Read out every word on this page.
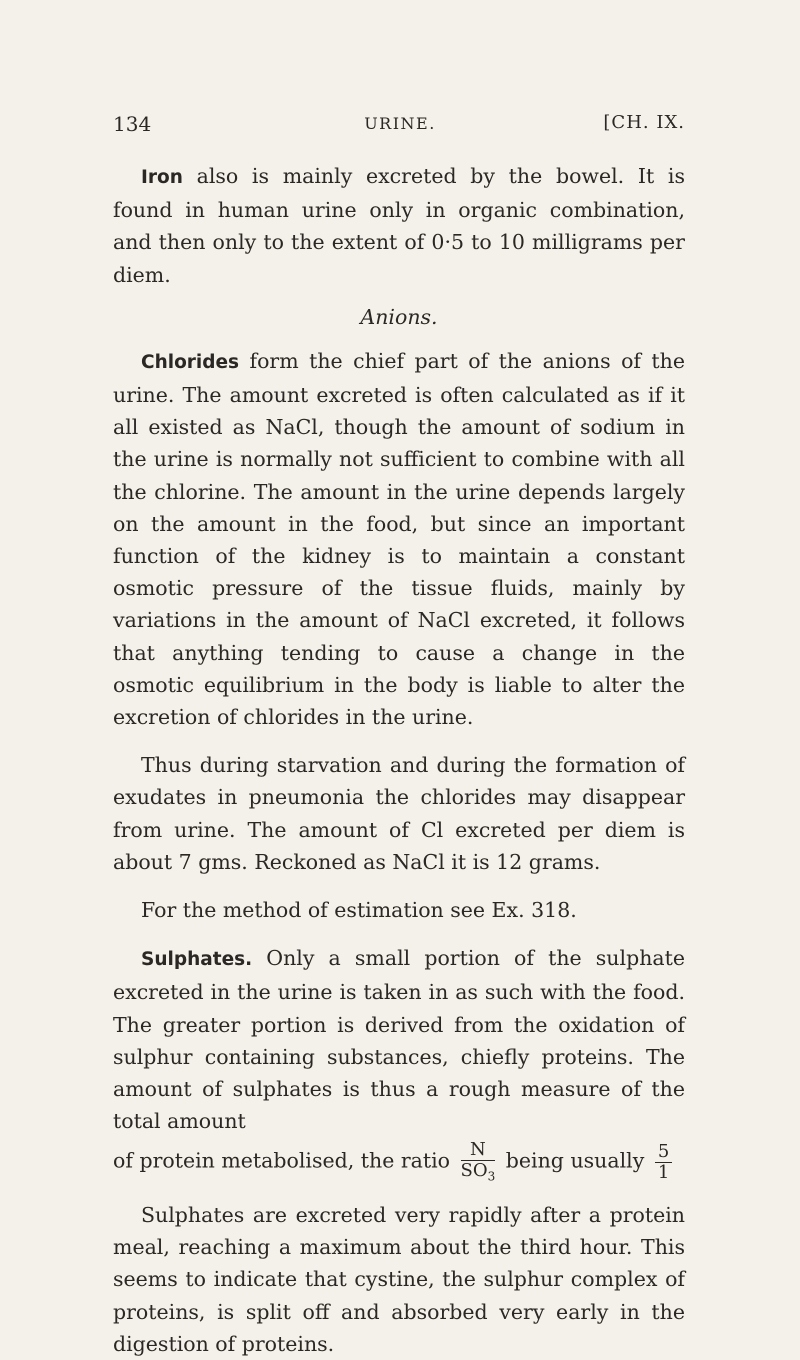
134	URINE.	[CH. IX.

Iron also is mainly excreted by the bowel. It is found in human urine only in organic combination, and then only to the extent of 0·5 to 10 milligrams per diem.

Anions.

Chlorides form the chief part of the anions of the urine. The amount excreted is often calculated as if it all existed as NaCl, though the amount of sodium in the urine is normally not sufficient to combine with all the chlorine. The amount in the urine depends largely on the amount in the food, but since an important function of the kidney is to maintain a constant osmotic pressure of the tissue fluids, mainly by variations in the amount of NaCl excreted, it follows that anything tending to cause a change in the osmotic equilibrium in the body is liable to alter the excretion of chlorides in the urine.

Thus during starvation and during the formation of exudates in pneumonia the chlorides may disappear from urine. The amount of Cl excreted per diem is about 7 gms. Reckoned as NaCl it is 12 grams.

For the method of estimation see Ex. 318.

Sulphates. Only a small portion of the sulphate excreted in the urine is taken in as such with the food. The greater portion is derived from the oxidation of sulphur containing substances, chiefly proteins. The amount of sulphates is thus a rough measure of the total amount

of protein metabolised, the ratio $\frac{N}{SO_3}$ being usually $\frac{5}{1}$

Sulphates are excreted very rapidly after a protein meal, reaching a maximum about the third hour. This seems to indicate that cystine, the sulphur complex of proteins, is split off and absorbed very early in the digestion of proteins.
